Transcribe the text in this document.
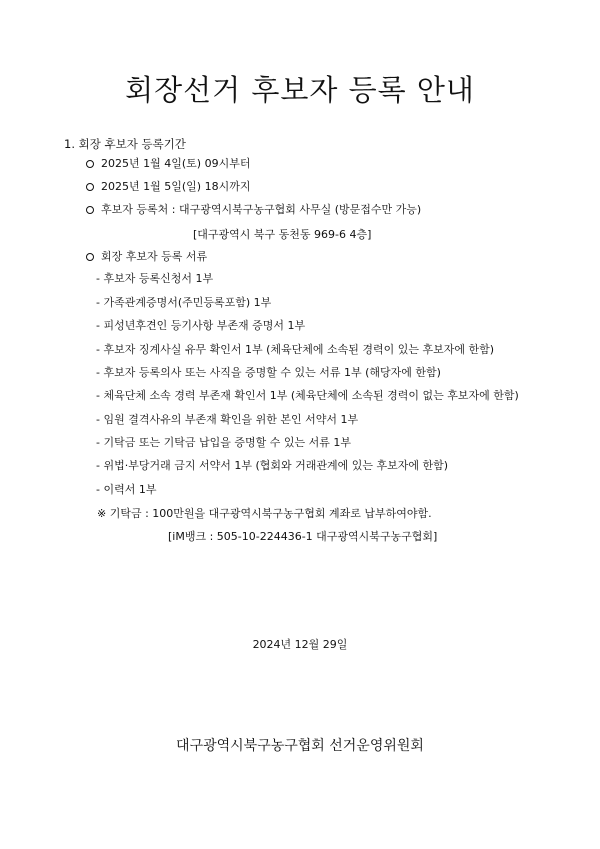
회장선거 후보자 등록 안내
1. 회장 후보자 등록기간
2025년 1월 4일(토) 09시부터
2025년 1월 5일(일) 18시까지
후보자 등록처 : 대구광역시북구농구협회 사무실 (방문접수만 가능)
[대구광역시 북구 동천동 969-6 4층]
회장 후보자 등록 서류
- 후보자 등록신청서 1부
- 가족관계증명서(주민등록포함) 1부
- 피성년후견인 등기사항 부존재 증명서 1부
- 후보자 징계사실 유무 확인서 1부 (체육단체에 소속된 경력이 있는 후보자에 한함)
- 후보자 등록의사 또는 사직을 증명할 수 있는 서류 1부 (해당자에 한함)
- 체육단체 소속 경력 부존재 확인서 1부 (체육단체에 소속된 경력이 없는 후보자에 한함)
- 임원 결격사유의 부존재 확인을 위한 본인 서약서 1부
- 기탁금 또는 기탁금 납입을 증명할 수 있는 서류 1부
- 위법·부당거래 금지 서약서 1부 (협회와 거래관계에 있는 후보자에 한함)
- 이력서 1부
※ 기탁금 : 100만원을 대구광역시북구농구협회 계좌로 납부하여야함.
[iM뱅크 : 505-10-224436-1 대구광역시북구농구협회]
2024년 12월 29일
대구광역시북구농구협회 선거운영위원회
